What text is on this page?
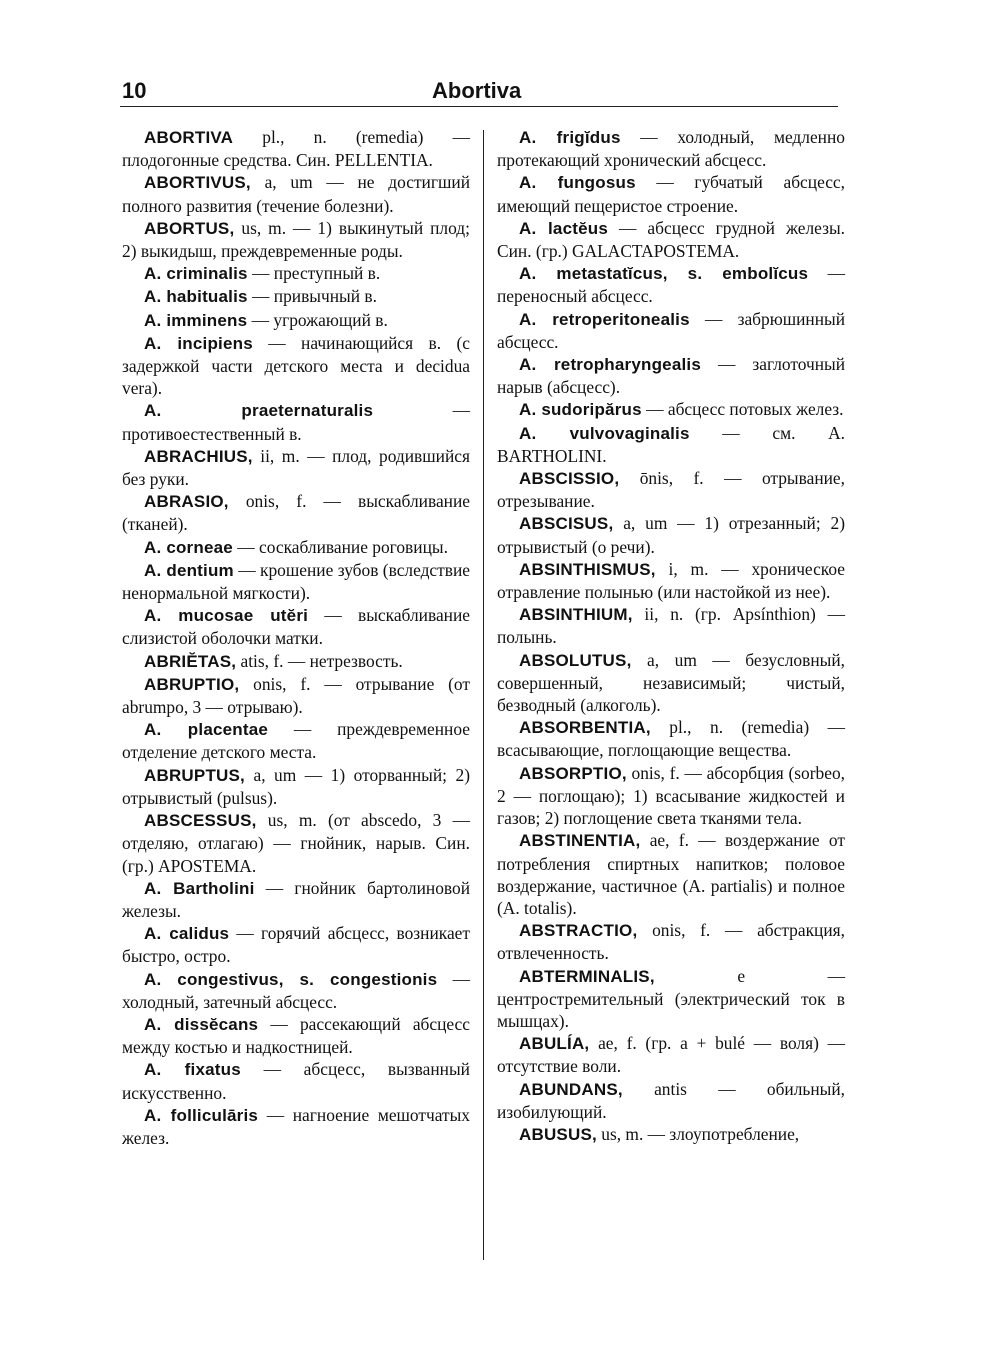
10	Abortiva

ABORTIVA pl., n. (remedia) — плодогонные средства. Син. PELLENTIA.

ABORTIVUS, a, um — не достигший полного развития (течение болезни).

ABORTUS, us, m. — 1) выкинутый плод; 2) выкидыш, преждевременные роды.

A. criminalis — преступный в.

A. habitualis — привычный в.

A. imminens — угрожающий в.

A. incipiens — начинающийся в. (с задержкой части детского места и decidua vera).

A. praeternaturalis — противоестественный в.

ABRACHIUS, ii, m. — плод, родившийся без руки.

ABRASIO, onis, f. — выскабливание (тканей).

A. corneae — соскабливание роговицы.

A. dentium — крошение зубов (вследствие ненормальной мягкости).

A. mucosae utĕri — выскабливание слизистой оболочки матки.

ABRIĔTAS, atis, f. — нетрезвость.

ABRUPTIO, onis, f. — отрывание (от abrumpo, 3 — отрываю).

A. placentae — преждевременное отделение детского места.

ABRUPTUS, a, um — 1) оторванный; 2) отрывистый (pulsus).

ABSCESSUS, us, m. (от abscedo, 3 — отделяю, отлагаю) — гнойник, нарыв. Син. (гр.) APOSTEMA.

A. Bartholini — гнойник бартолиновой железы.

A. calidus — горячий абсцесс, возникает быстро, остро.

A. congestivus, s. congestionis — холодный, затечный абсцесс.

A. dissĕcans — рассекающий абсцесс между костью и надкостницей.

A. fixatus — абсцесс, вызванный искусственно.

A. folliculāris — нагноение мешотчатых желез.

A. frigĭdus — холодный, медленно протекающий хронический абсцесс.

A. fungosus — губчатый абсцесс, имеющий пещеристое строение.

A. lactĕus — абсцесс грудной железы. Син. (гр.) GALACTAPOSTEMA.

A. metastatĭcus, s. embolĭcus — переносный абсцесс.

A. retroperitonealis — забрюшинный абсцесс.

A. retropharyngealis — заглоточный нарыв (абсцесс).

A. sudoripărus — абсцесс потовых желез.

A. vulvovaginalis — см. A. BARTHOLINI.

ABSCISSIO, ōnis, f. — отрывание, отрезывание.

ABSCISUS, a, um — 1) отрезанный; 2) отрывистый (о речи).

ABSINTHISMUS, i, m. — хроническое отравление полынью (или настойкой из нее).

ABSINTHIUM, ii, n. (гр. Apsínthion) — полынь.

ABSOLUTUS, a, um — безусловный, совершенный, независимый; чистый, безводный (алкоголь).

ABSORBENTIA, pl., n. (remedia) — всасывающие, поглощающие вещества.

ABSORPTIO, onis, f. — абсорбция (sorbeo, 2 — поглощаю); 1) всасывание жидкостей и газов; 2) поглощение света тканями тела.

ABSTINENTIA, ae, f. — воздержание от потребления спиртных напитков; половое воздержание, частичное (A. partialis) и полное (A. totalis).

ABSTRACTIO, onis, f. — абстракция, отвлеченность.

ABTERMINALIS, e — центростремительный (электрический ток в мышцах).

ABULÍA, ae, f. (гр. a + bulé — воля) — отсутствие воли.

ABUNDANS, antis — обильный, изобилующий.

ABUSUS, us, m. — злоупотребление,
